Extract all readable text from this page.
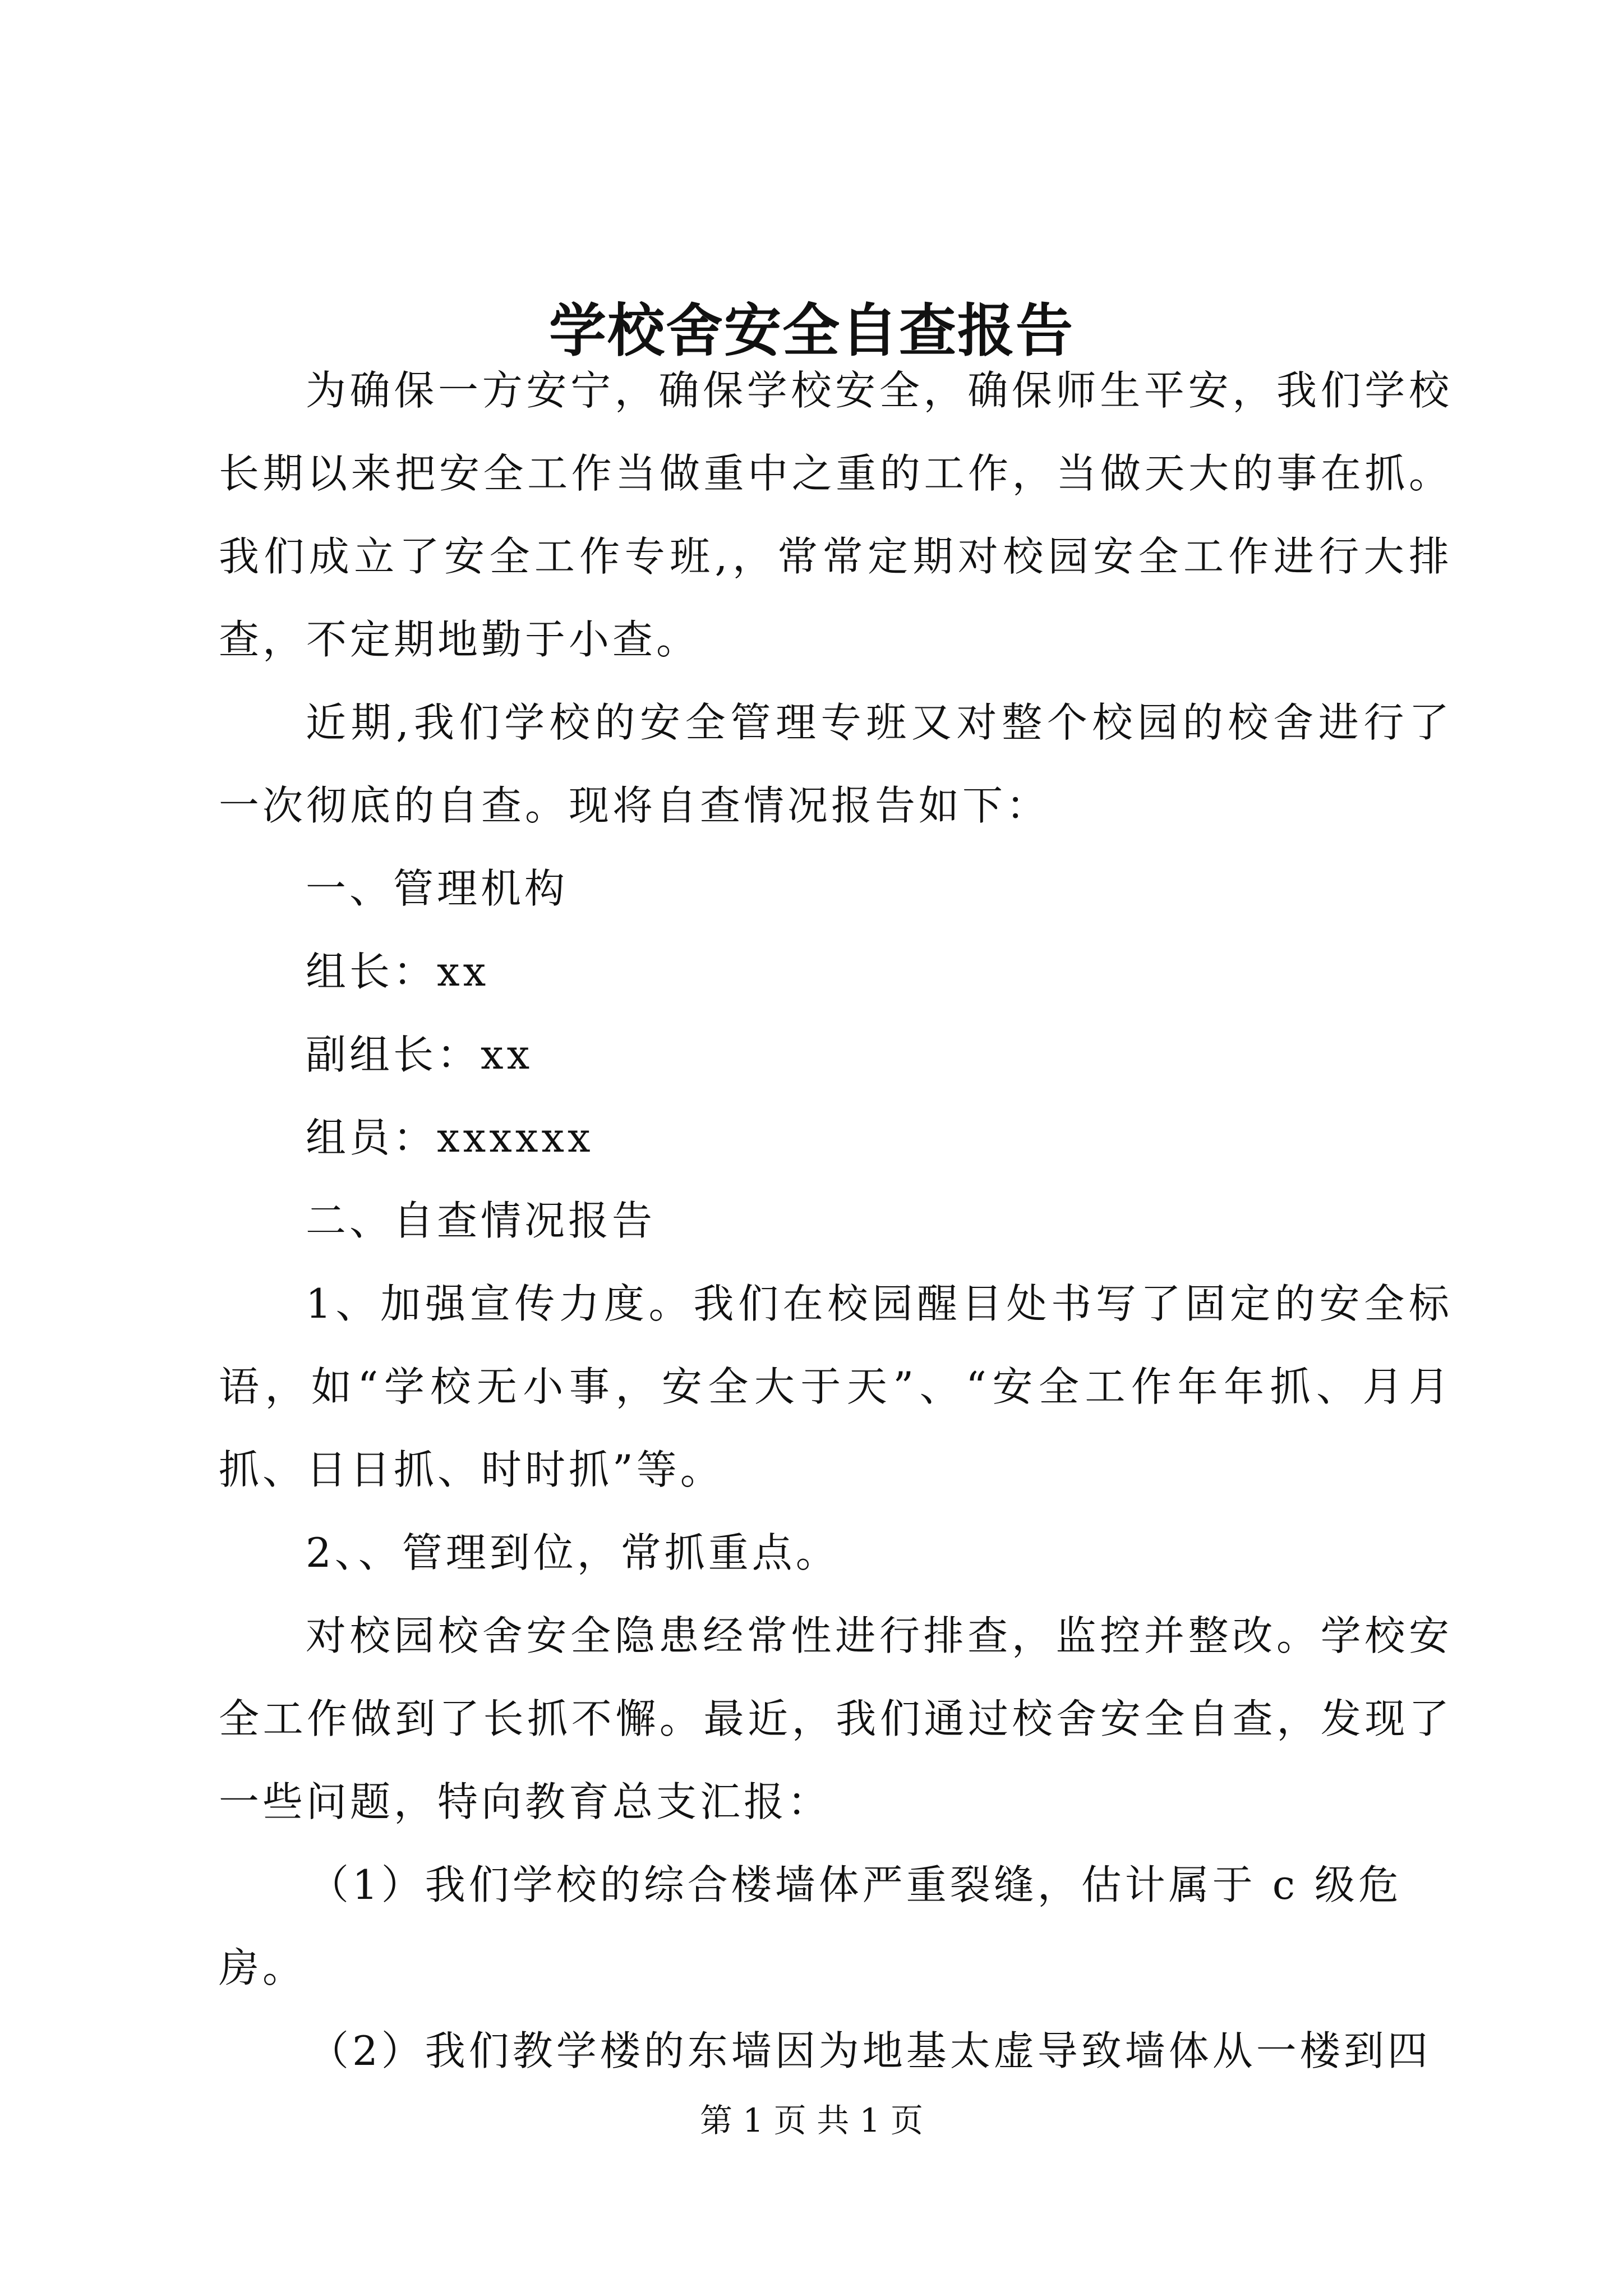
学校舍安全自查报告

为确保一方安宁，确保学校安全，确保师生平安，我们学校长期以来把安全工作当做重中之重的工作，当做天大的事在抓。我们成立了安全工作专班,，常常定期对校园安全工作进行大排查，不定期地勤于小查。

近期,我们学校的安全管理专班又对整个校园的校舍进行了一次彻底的自查。现将自查情况报告如下：

一、管理机构

组长：xx

副组长：xx

组员：xxxxxx

二、自查情况报告

1、加强宣传力度。我们在校园醒目处书写了固定的安全标语，如“学校无小事，安全大于天”、“安全工作年年抓、月月抓、日日抓、时时抓”等。

2、、管理到位，常抓重点。

对校园校舍安全隐患经常性进行排查，监控并整改。学校安全工作做到了长抓不懈。最近，我们通过校舍安全自查，发现了一些问题，特向教育总支汇报：

（1）我们学校的综合楼墙体严重裂缝，估计属于 c 级危房。

（2）我们教学楼的东墙因为地基太虚导致墙体从一楼到四

第 1 页 共 1 页
